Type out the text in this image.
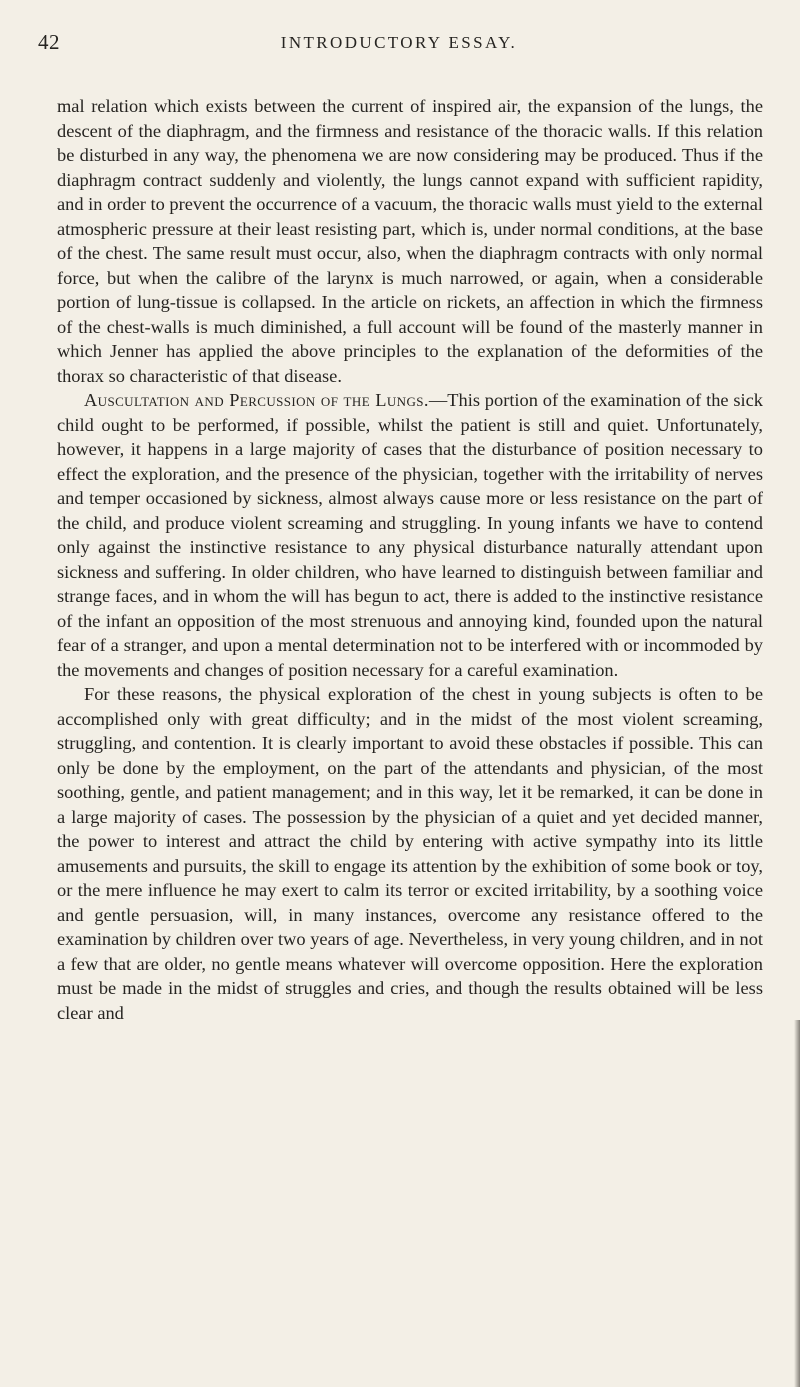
42	INTRODUCTORY ESSAY.

mal relation which exists between the current of inspired air, the expansion of the lungs, the descent of the diaphragm, and the firmness and resistance of the thoracic walls. If this relation be disturbed in any way, the phenomena we are now considering may be produced. Thus if the diaphragm contract suddenly and violently, the lungs cannot expand with sufficient rapidity, and in order to prevent the occurrence of a vacuum, the thoracic walls must yield to the external atmospheric pressure at their least resisting part, which is, under normal conditions, at the base of the chest. The same result must occur, also, when the diaphragm contracts with only normal force, but when the calibre of the larynx is much narrowed, or again, when a considerable portion of lung-tissue is collapsed. In the article on rickets, an affection in which the firmness of the chest-walls is much diminished, a full account will be found of the masterly manner in which Jenner has applied the above principles to the explanation of the deformities of the thorax so characteristic of that disease.

Auscultation and Percussion of the Lungs.—This portion of the examination of the sick child ought to be performed, if possible, whilst the patient is still and quiet. Unfortunately, however, it happens in a large majority of cases that the disturbance of position necessary to effect the exploration, and the presence of the physician, together with the irritability of nerves and temper occasioned by sickness, almost always cause more or less resistance on the part of the child, and produce violent screaming and struggling. In young infants we have to contend only against the instinctive resistance to any physical disturbance naturally attendant upon sickness and suffering. In older children, who have learned to distinguish between familiar and strange faces, and in whom the will has begun to act, there is added to the instinctive resistance of the infant an opposition of the most strenuous and annoying kind, founded upon the natural fear of a stranger, and upon a mental determination not to be interfered with or incommoded by the movements and changes of position necessary for a careful examination.

For these reasons, the physical exploration of the chest in young subjects is often to be accomplished only with great difficulty; and in the midst of the most violent screaming, struggling, and contention. It is clearly important to avoid these obstacles if possible. This can only be done by the employment, on the part of the attendants and physician, of the most soothing, gentle, and patient management; and in this way, let it be remarked, it can be done in a large majority of cases. The possession by the physician of a quiet and yet decided manner, the power to interest and attract the child by entering with active sympathy into its little amusements and pursuits, the skill to engage its attention by the exhibition of some book or toy, or the mere influence he may exert to calm its terror or excited irritability, by a soothing voice and gentle persuasion, will, in many instances, overcome any resistance offered to the examination by children over two years of age. Nevertheless, in very young children, and in not a few that are older, no gentle means whatever will overcome opposition. Here the exploration must be made in the midst of struggles and cries, and though the results obtained will be less clear and
